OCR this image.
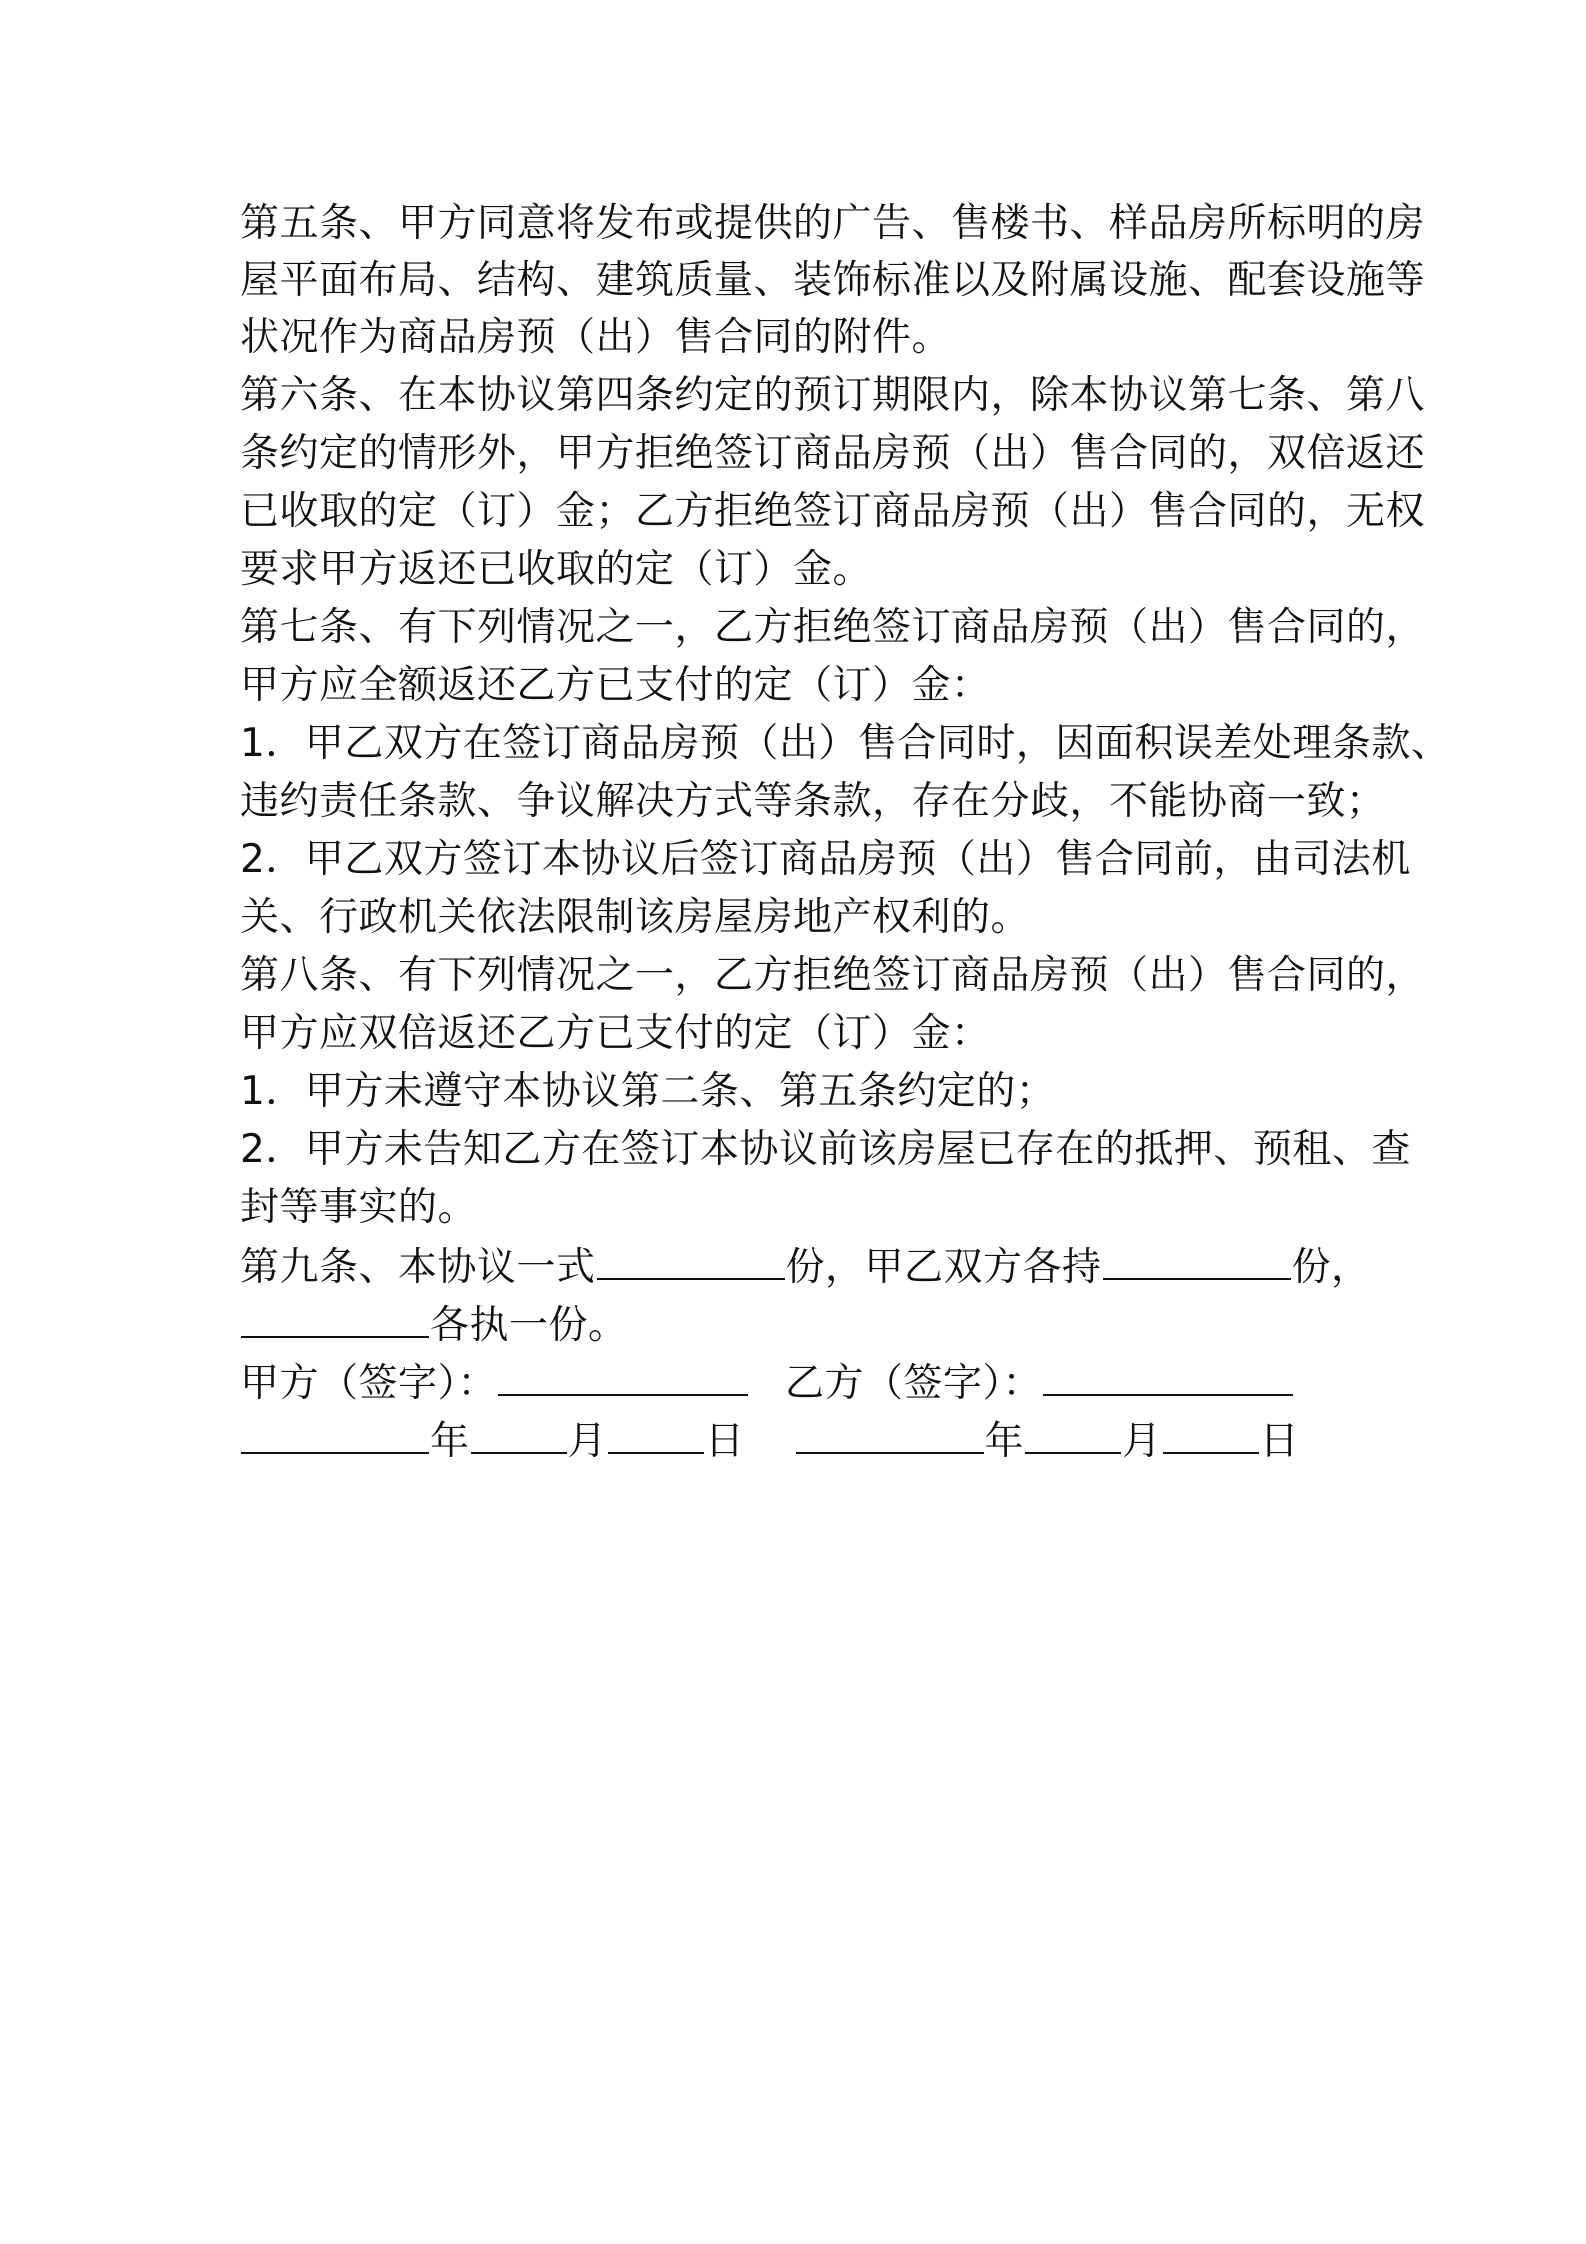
第五条、甲方同意将发布或提供的广告、售楼书、样品房所标明的房
屋平面布局、结构、建筑质量、装饰标准以及附属设施、配套设施等
状况作为商品房预（出）售合同的附件。
第六条、在本协议第四条约定的预订期限内，除本协议第七条、第八
条约定的情形外，甲方拒绝签订商品房预（出）售合同的，双倍返还
已收取的定（订）金；乙方拒绝签订商品房预（出）售合同的，无权
要求甲方返还已收取的定（订）金。
第七条、有下列情况之一，乙方拒绝签订商品房预（出）售合同的，
甲方应全额返还乙方已支付的定（订）金：
1．甲乙双方在签订商品房预（出）售合同时，因面积误差处理条款、
违约责任条款、争议解决方式等条款，存在分歧，不能协商一致；
2．甲乙双方签订本协议后签订商品房预（出）售合同前，由司法机
关、行政机关依法限制该房屋房地产权利的。
第八条、有下列情况之一，乙方拒绝签订商品房预（出）售合同的，
甲方应双倍返还乙方已支付的定（订）金：
1．甲方未遵守本协议第二条、第五条约定的；
2．甲方未告知乙方在签订本协议前该房屋已存在的抵押、预租、查
封等事实的。
第九条、本协议一式	份，甲乙双方各持	份，
各执一份。
甲方（签字）：	乙方（签字）：
年	月	日	年	月	日
